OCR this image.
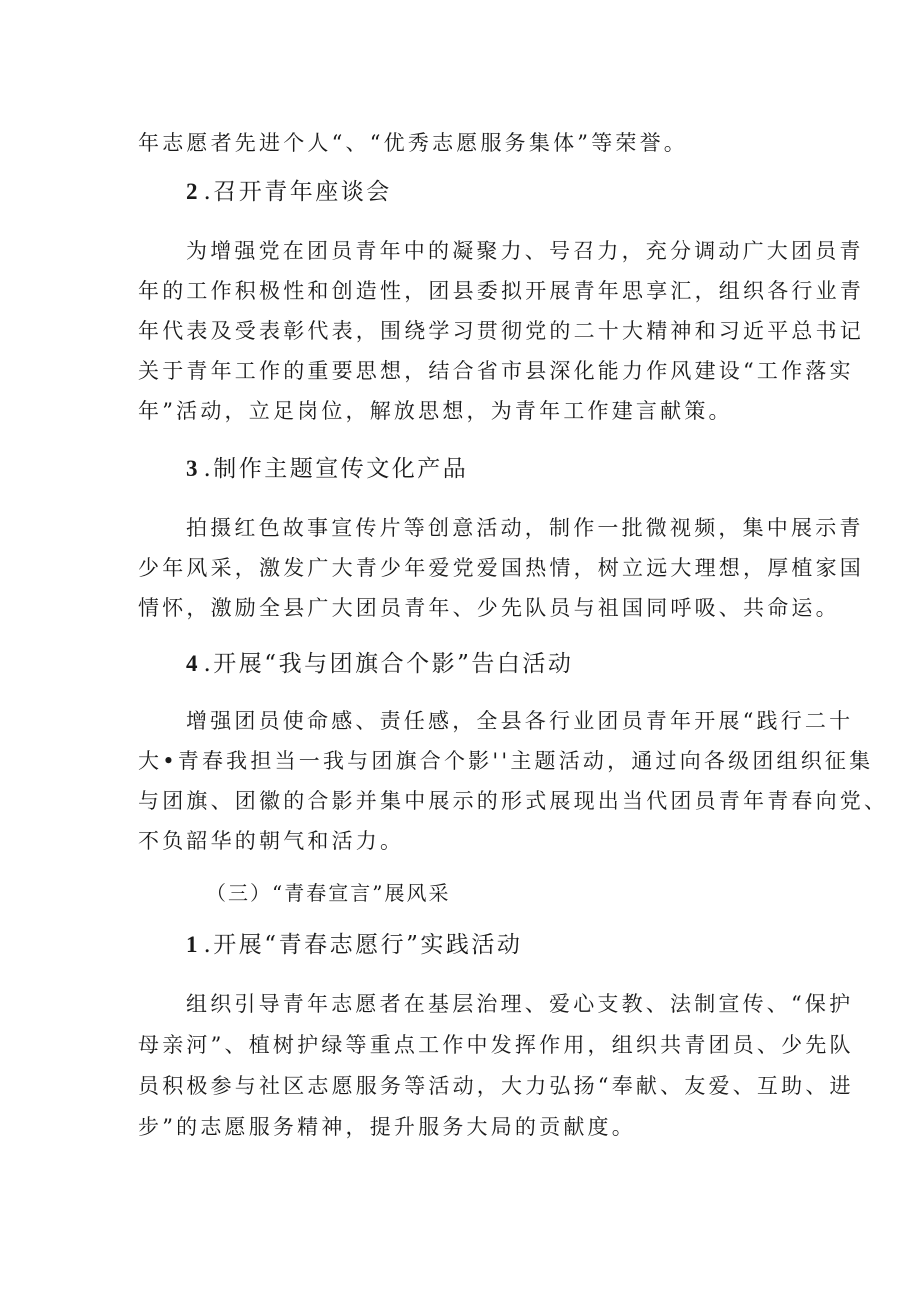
年志愿者先进个人“、“优秀志愿服务集体”等荣誉。
2 .召开青年座谈会
为增强党在团员青年中的凝聚力、号召力，充分调动广大团员青
年的工作积极性和创造性，团县委拟开展青年思享汇，组织各行业青
年代表及受表彰代表，围绕学习贯彻党的二十大精神和习近平总书记
关于青年工作的重要思想，结合省市县深化能力作风建设“工作落实
年”活动，立足岗位，解放思想，为青年工作建言献策。
3 .制作主题宣传文化产品
拍摄红色故事宣传片等创意活动，制作一批微视频，集中展示青
少年风采，激发广大青少年爱党爱国热情，树立远大理想，厚植家国
情怀，激励全县广大团员青年、少先队员与祖国同呼吸、共命运。
4 .开展“我与团旗合个影”告白活动
增强团员使命感、责任感，全县各行业团员青年开展“践行二十
大•青春我担当一我与团旗合个影''主题活动，通过向各级团组织征集
与团旗、团徽的合影并集中展示的形式展现出当代团员青年青春向党、
不负韶华的朝气和活力。
（三）“青春宣言”展风采
1 .开展“青春志愿行”实践活动
组织引导青年志愿者在基层治理、爱心支教、法制宣传、“保护
母亲河”、植树护绿等重点工作中发挥作用，组织共青团员、少先队
员积极参与社区志愿服务等活动，大力弘扬“奉献、友爱、互助、进
步”的志愿服务精神，提升服务大局的贡献度。
